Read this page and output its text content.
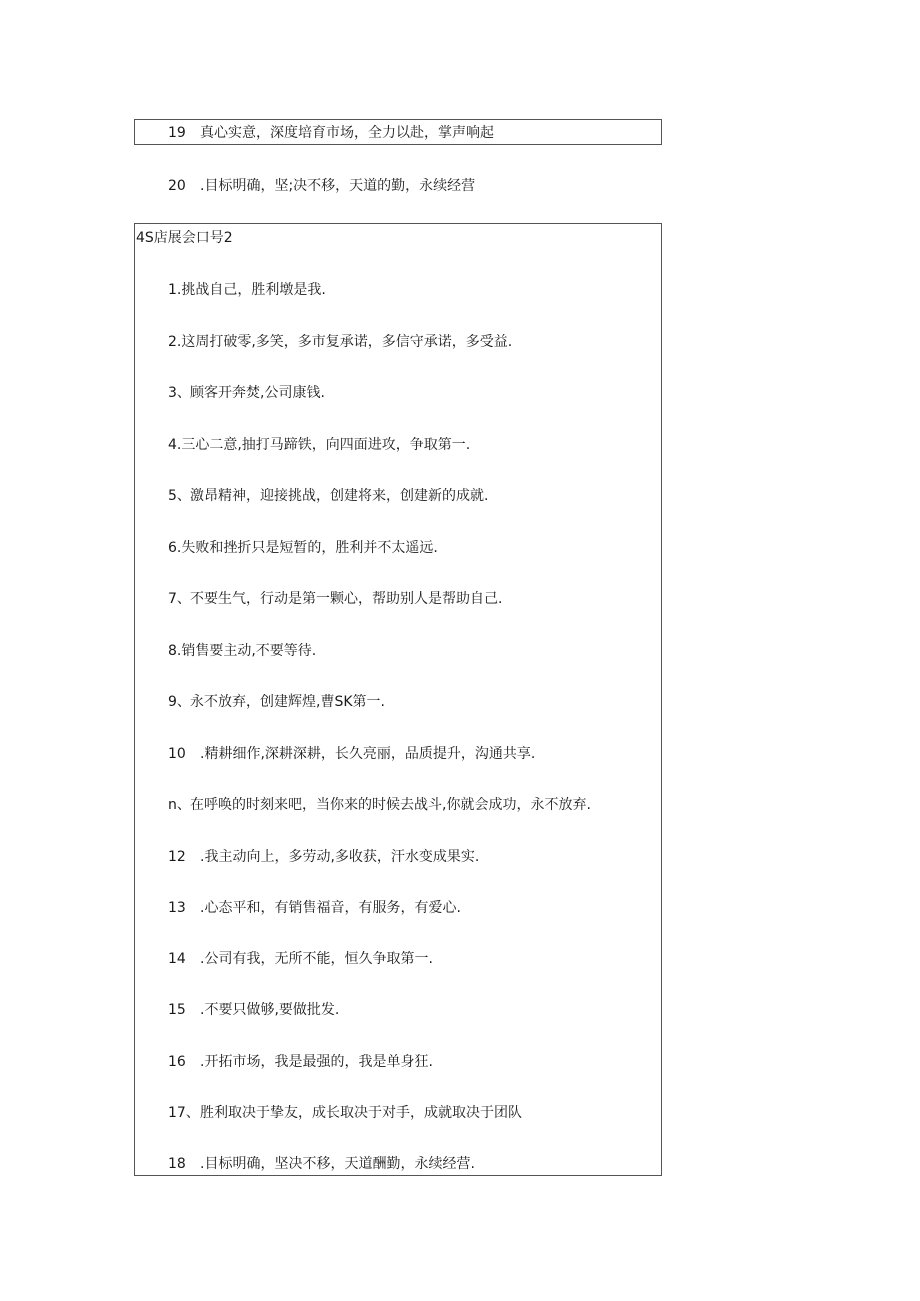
19 真心实意，深度培育市场，全力以赴，掌声响起
20 .目标明确，坚;决不移，天道的勤，永续经营
4S店展会口号2
1.挑战自己，胜利墩是我.
2.这周打破零,多笑，多市复承诺，多信守承诺，多受益.
3、顾客开奔焚,公司康钱.
4.三心二意,抽打马蹄铁，向四面进攻，争取第一.
5、激昂精神，迎接挑战，创建将来，创建新的成就.
6.失败和挫折只是短暂的，胜利并不太遥远.
7、不要生气，行动是第一颗心，帮助别人是帮助自己.
8.销售要主动,不要等待.
9、永不放弃，创建辉煌,曹SK第一.
10 .精耕细作,深耕深耕，长久亮丽，品质提升，沟通共享.
n、在呼唤的时刻来吧，当你来的时候去战斗,你就会成功，永不放弃.
12 .我主动向上，多劳动,多收获，汗水变成果实.
13 .心态平和，有销售福音，有服务，有爱心.
14 .公司有我，无所不能，恒久争取第一.
15 .不要只做够,要做批发.
16 .开拓市场，我是最强的，我是单身狂.
17、胜利取决于挚友，成长取决于对手，成就取决于团队
18 .目标明确，坚决不移，天道酬勤，永续经营.
